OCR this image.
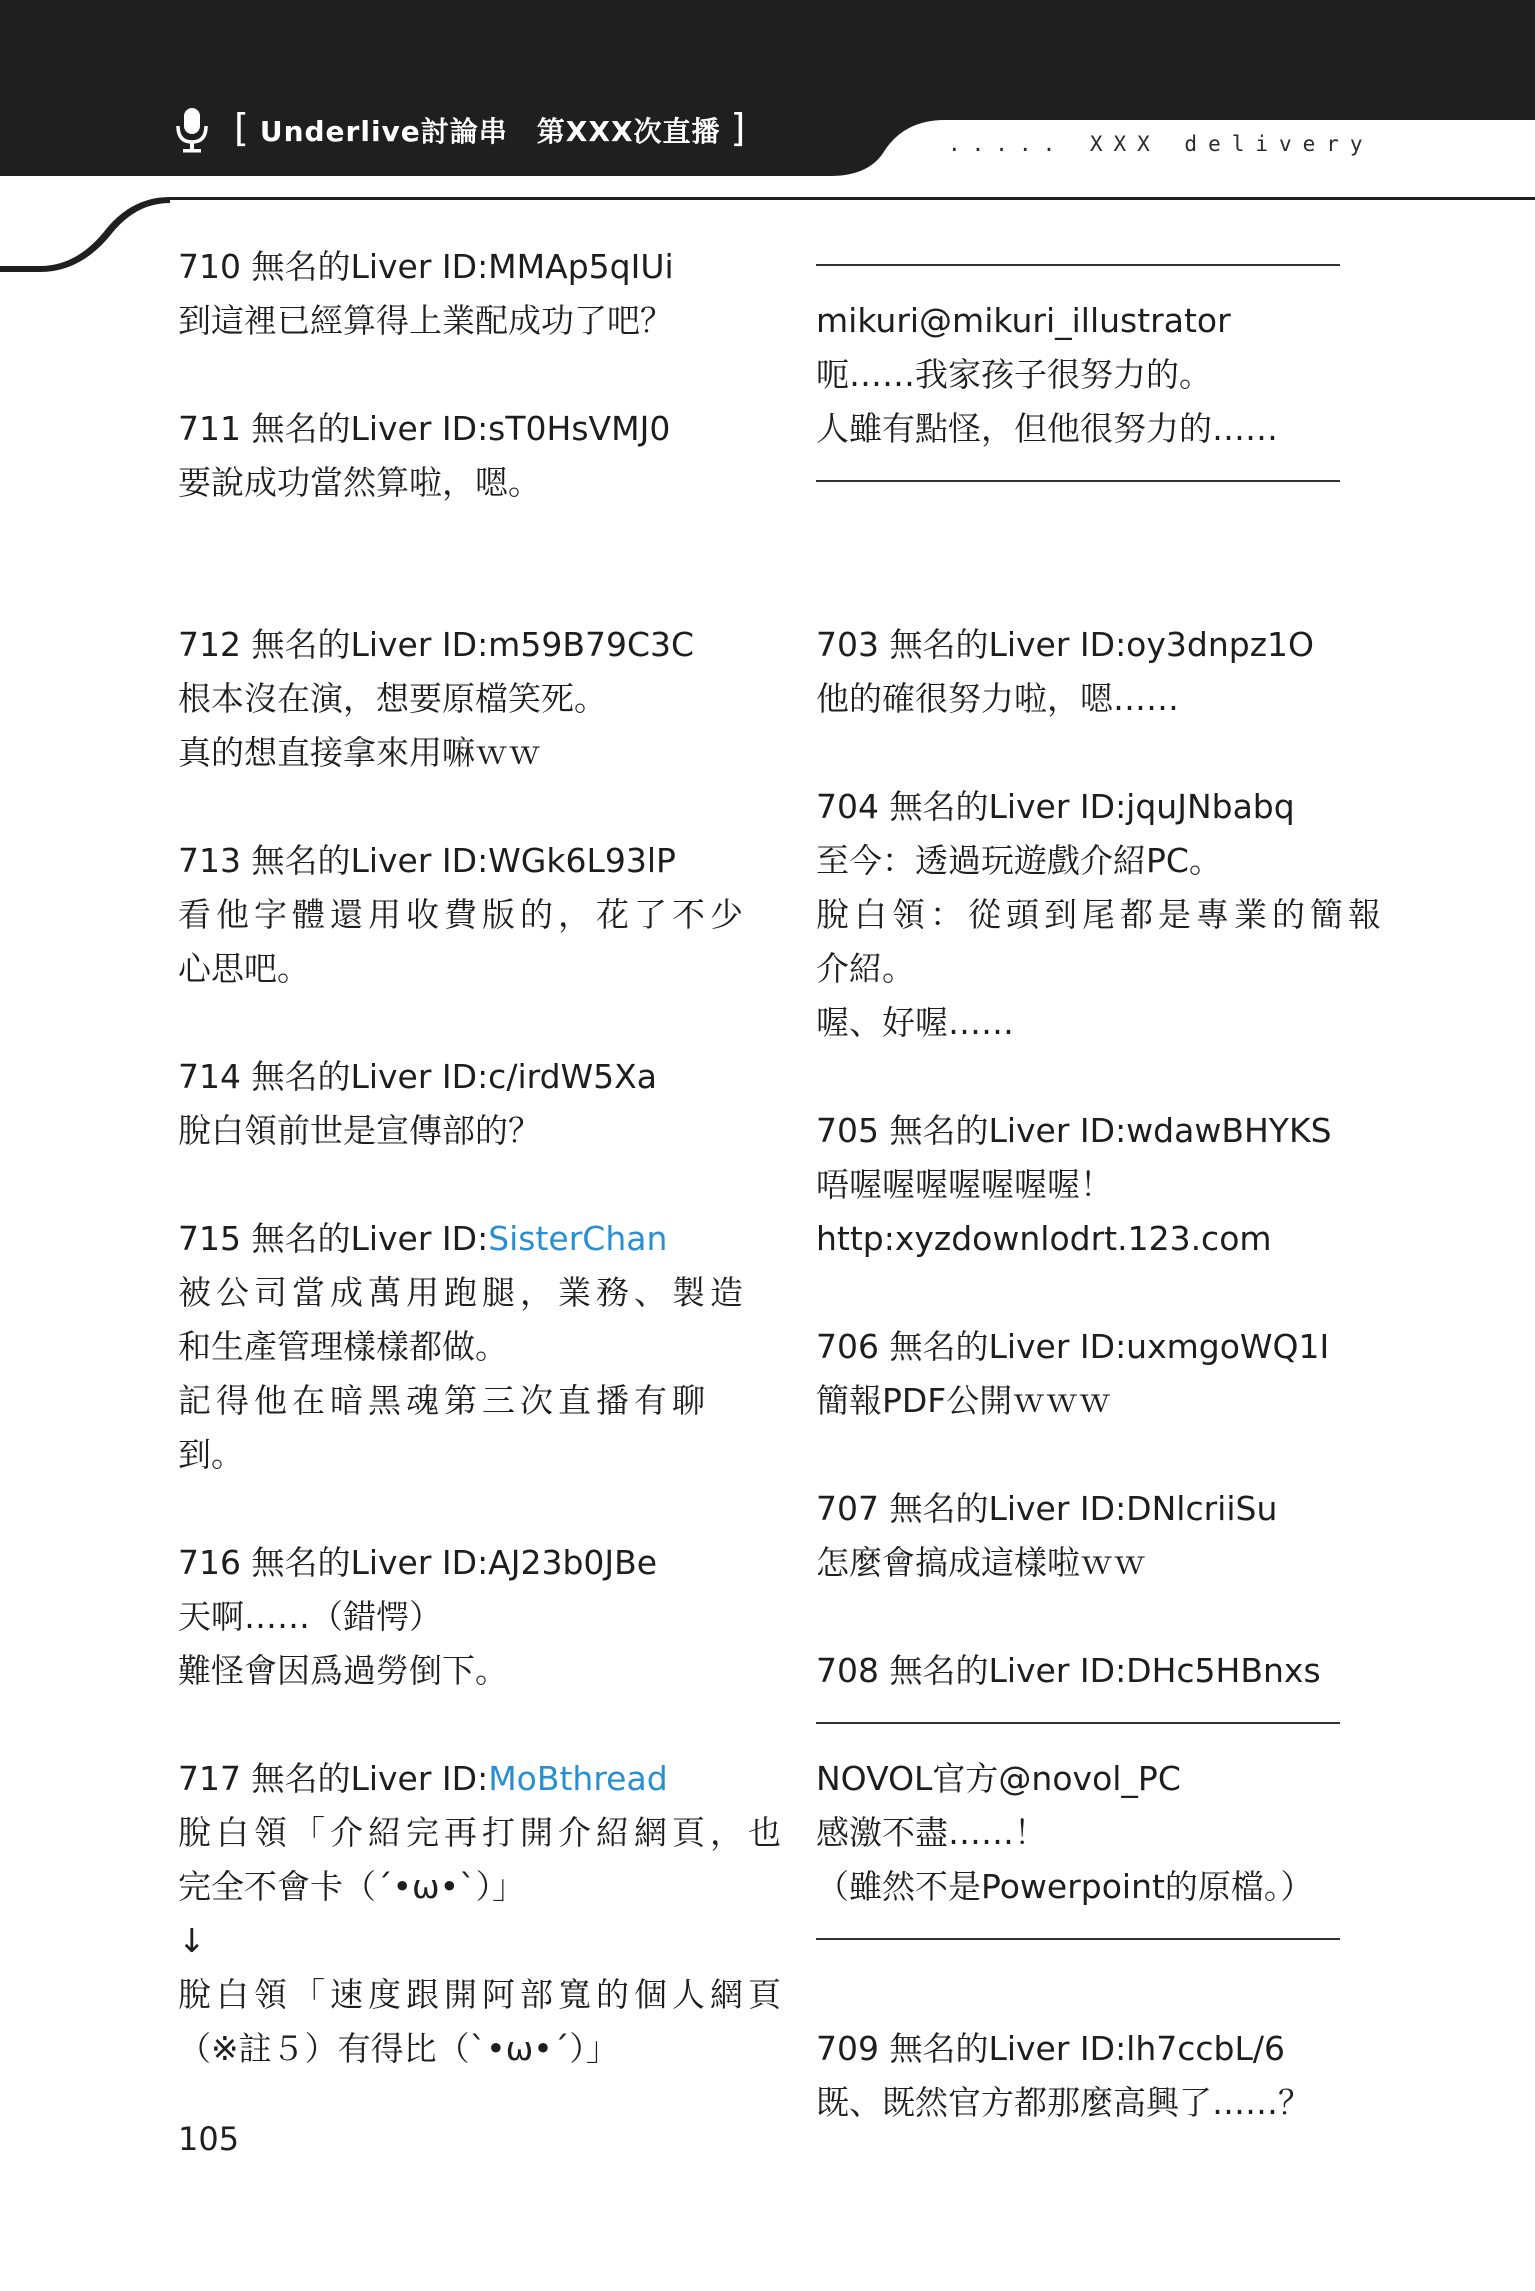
[ Underlive討論串　第XXX次直播 ]	..... XXX delivery
710 無名的Liver ID:MMAp5qIUi
到這裡已經算得上業配成功了吧？
711 無名的Liver ID:sT0HsVMJ0
要說成功當然算啦，嗯。
712 無名的Liver ID:m59B79C3C
根本沒在演，想要原檔笑死。
真的想直接拿來用嘛ｗｗ
713 無名的Liver ID:WGk6L93lP
看他字體還用收費版的，花了不少
心思吧。
714 無名的Liver ID:c/irdW5Xa
脫白領前世是宣傳部的？
715 無名的Liver ID:SisterChan
被公司當成萬用跑腿，業務、製造
和生產管理樣樣都做。
記得他在暗黑魂第三次直播有聊
到。
716 無名的Liver ID:AJ23b0JBe
天啊……（錯愕）
難怪會因爲過勞倒下。
717 無名的Liver ID:MoBthread
脫白領「介紹完再打開介紹網頁，也
完全不會卡（´•ω•`）」
↓
脫白領「速度跟開阿部寬的個人網頁
（※註５）有得比（`•ω•´）」
mikuri@mikuri_illustrator
呃……我家孩子很努力的。
人雖有點怪，但他很努力的……
703 無名的Liver ID:oy3dnpz1O
他的確很努力啦，嗯……
704 無名的Liver ID:jquJNbabq
至今：透過玩遊戲介紹PC。
脫白領：從頭到尾都是專業的簡報
介紹。
喔、好喔……
705 無名的Liver ID:wdawBHYKS
唔喔喔喔喔喔喔喔！
http:xyzdownlodrt.123.com
706 無名的Liver ID:uxmgoWQ1I
簡報PDF公開ｗｗｗ
707 無名的Liver ID:DNlcriiSu
怎麼會搞成這樣啦ｗｗ
708 無名的Liver ID:DHc5HBnxs
NOVOL官方@novol_PC
感激不盡……！
（雖然不是Powerpoint的原檔。）
709 無名的Liver ID:lh7ccbL/6
既、既然官方都那麼高興了……？
105
